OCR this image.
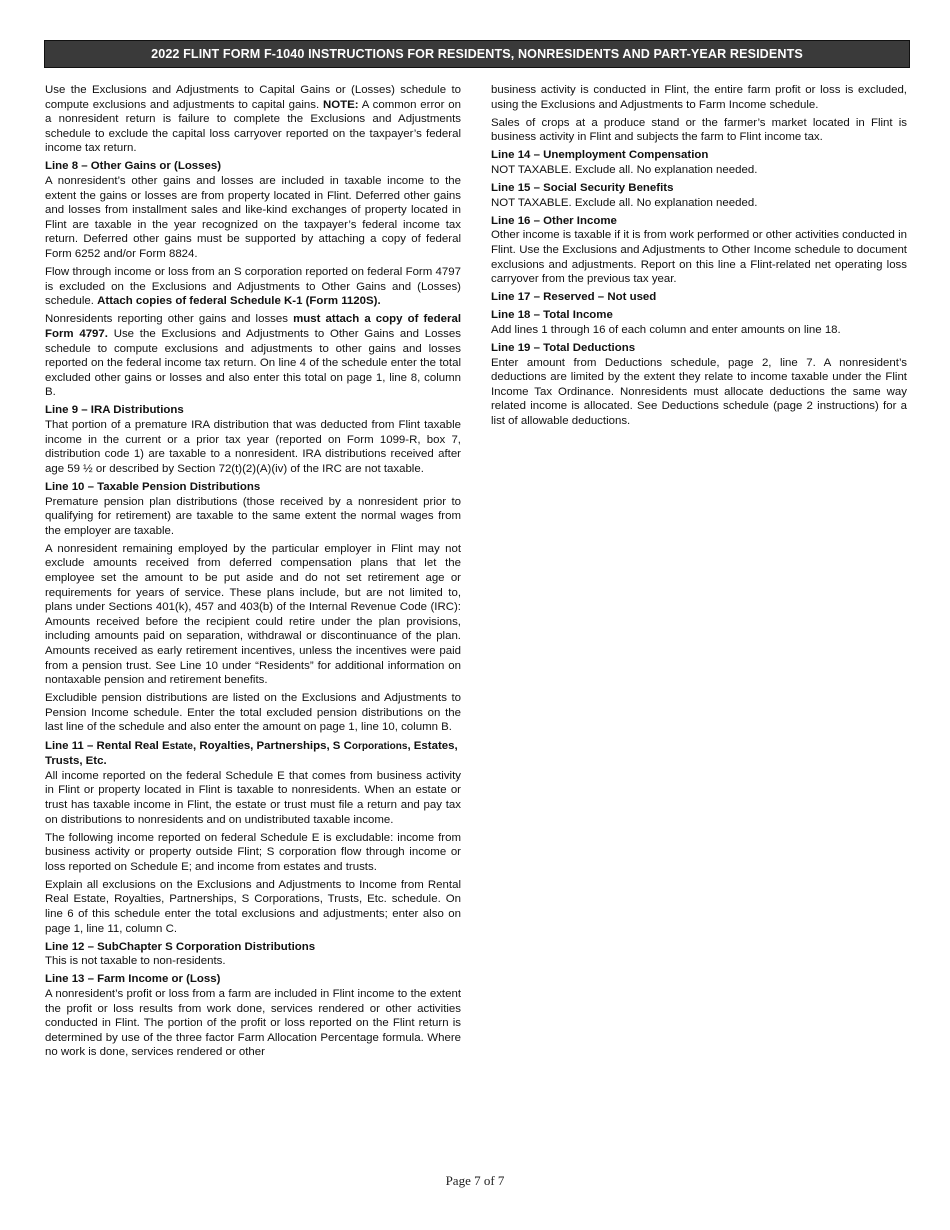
2022 FLINT FORM F-1040 INSTRUCTIONS FOR RESIDENTS, NONRESIDENTS AND PART-YEAR RESIDENTS

Use the Exclusions and Adjustments to Capital Gains or (Losses) schedule to compute exclusions and adjustments to capital gains. NOTE: A common error on a nonresident return is failure to complete the Exclusions and Adjustments schedule to exclude the capital loss carryover reported on the taxpayer’s federal income tax return.

Line 8 – Other Gains or (Losses)

A nonresident’s other gains and losses are included in taxable income to the extent the gains or losses are from property located in Flint. Deferred other gains and losses from installment sales and like-kind exchanges of property located in Flint are taxable in the year recognized on the taxpayer’s federal income tax return. Deferred other gains must be supported by attaching a copy of federal Form 6252 and/or Form 8824.

Flow through income or loss from an S corporation reported on federal Form 4797 is excluded on the Exclusions and Adjustments to Other Gains and (Losses) schedule. Attach copies of federal Schedule K-1 (Form 1120S).

Nonresidents reporting other gains and losses must attach a copy of federal Form 4797. Use the Exclusions and Adjustments to Other Gains and Losses schedule to compute exclusions and adjustments to other gains and losses reported on the federal income tax return. On line 4 of the schedule enter the total excluded other gains or losses and also enter this total on page 1, line 8, column B.

Line 9 – IRA Distributions

That portion of a premature IRA distribution that was deducted from Flint taxable income in the current or a prior tax year (reported on Form 1099-R, box 7, distribution code 1) are taxable to a nonresident. IRA distributions received after age 59 ½ or described by Section 72(t)(2)(A)(iv) of the IRC are not taxable.

Line 10 – Taxable Pension Distributions

Premature pension plan distributions (those received by a nonresident prior to qualifying for retirement) are taxable to the same extent the normal wages from the employer are taxable.

A nonresident remaining employed by the particular employer in Flint may not exclude amounts received from deferred compensation plans that let the employee set the amount to be put aside and do not set retirement age or requirements for years of service. These plans include, but are not limited to, plans under Sections 401(k), 457 and 403(b) of the Internal Revenue Code (IRC): Amounts received before the recipient could retire under the plan provisions, including amounts paid on separation, withdrawal or discontinuance of the plan. Amounts received as early retirement incentives, unless the incentives were paid from a pension trust. See Line 10 under “Residents” for additional information on nontaxable pension and retirement benefits.

Excludible pension distributions are listed on the Exclusions and Adjustments to Pension Income schedule. Enter the total excluded pension distributions on the last line of the schedule and also enter the amount on page 1, line 10, column B.

Line 11 – Rental Real Estate, Royalties, Partnerships, S Corporations, Estates, Trusts, Etc.

All income reported on the federal Schedule E that comes from business activity in Flint or property located in Flint is taxable to nonresidents. When an estate or trust has taxable income in Flint, the estate or trust must file a return and pay tax on distributions to nonresidents and on undistributed taxable income.

The following income reported on federal Schedule E is excludable: income from business activity or property outside Flint; S corporation flow through income or loss reported on Schedule E; and income from estates and trusts.

Explain all exclusions on the Exclusions and Adjustments to Income from Rental Real Estate, Royalties, Partnerships, S Corporations, Trusts, Etc. schedule. On line 6 of this schedule enter the total exclusions and adjustments; enter also on page 1, line 11, column C.

Line 12 – SubChapter S Corporation Distributions

This is not taxable to non-residents.

Line 13 – Farm Income or (Loss)

A nonresident’s profit or loss from a farm are included in Flint income to the extent the profit or loss results from work done, services rendered or other activities conducted in Flint. The portion of the profit or loss reported on the Flint return is determined by use of the three factor Farm Allocation Percentage formula. Where no work is done, services rendered or other

business activity is conducted in Flint, the entire farm profit or loss is excluded, using the Exclusions and Adjustments to Farm Income schedule.

Sales of crops at a produce stand or the farmer’s market located in Flint is business activity in Flint and subjects the farm to Flint income tax.

Line 14 – Unemployment Compensation

NOT TAXABLE. Exclude all. No explanation needed.

Line 15 – Social Security Benefits

NOT TAXABLE. Exclude all. No explanation needed.

Line 16 – Other Income

Other income is taxable if it is from work performed or other activities conducted in Flint. Use the Exclusions and Adjustments to Other Income schedule to document exclusions and adjustments. Report on this line a Flint-related net operating loss carryover from the previous tax year.

Line 17 – Reserved – Not used
Line 18 – Total Income

Add lines 1 through 16 of each column and enter amounts on line 18.

Line 19 – Total Deductions

Enter amount from Deductions schedule, page 2, line 7. A nonresident’s deductions are limited by the extent they relate to income taxable under the Flint Income Tax Ordinance. Nonresidents must allocate deductions the same way related income is allocated. See Deductions schedule (page 2 instructions) for a list of allowable deductions.

Page 7 of 7
